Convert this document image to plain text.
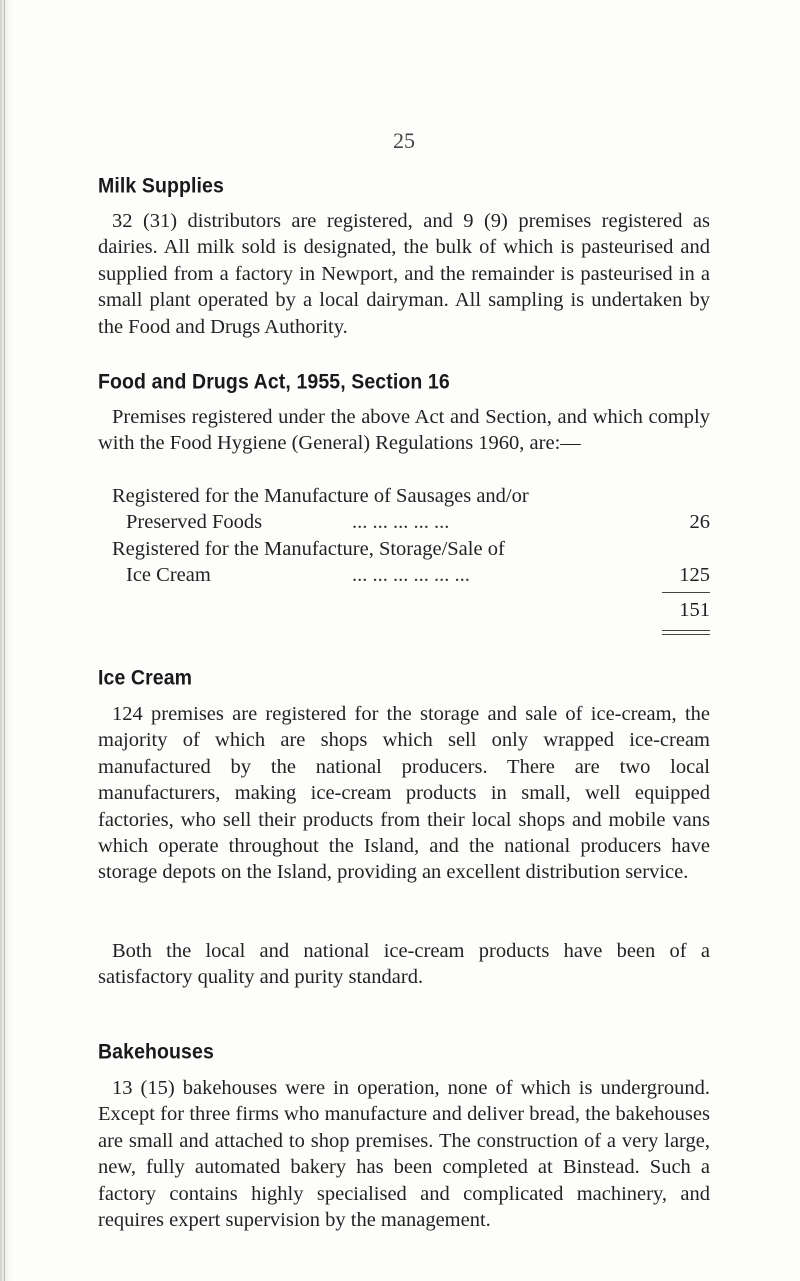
25
Milk Supplies
32 (31) distributors are registered, and 9 (9) premises registered as dairies. All milk sold is designated, the bulk of which is pasteurised and supplied from a factory in Newport, and the remainder is pasteurised in a small plant operated by a local dairyman. All sampling is undertaken by the Food and Drugs Authority.
Food and Drugs Act, 1955, Section 16
Premises registered under the above Act and Section, and which comply with the Food Hygiene (General) Regulations 1960, are:—
Registered for the Manufacture of Sausages and/or
Preserved Foods	... ... ... ... ...	26
Registered for the Manufacture, Storage/Sale of
Ice Cream	... ... ... ... ... ...	125
151
Ice Cream
124 premises are registered for the storage and sale of ice-cream, the majority of which are shops which sell only wrapped ice-cream manufactured by the national producers. There are two local manufacturers, making ice-cream products in small, well equipped factories, who sell their products from their local shops and mobile vans which operate throughout the Island, and the national producers have storage depots on the Island, providing an excellent distribution service.
Both the local and national ice-cream products have been of a satisfactory quality and purity standard.
Bakehouses
13 (15) bakehouses were in operation, none of which is underground. Except for three firms who manufacture and deliver bread, the bakehouses are small and attached to shop premises. The construction of a very large, new, fully automated bakery has been completed at Binstead. Such a factory contains highly specialised and complicated machinery, and requires expert supervision by the management.
